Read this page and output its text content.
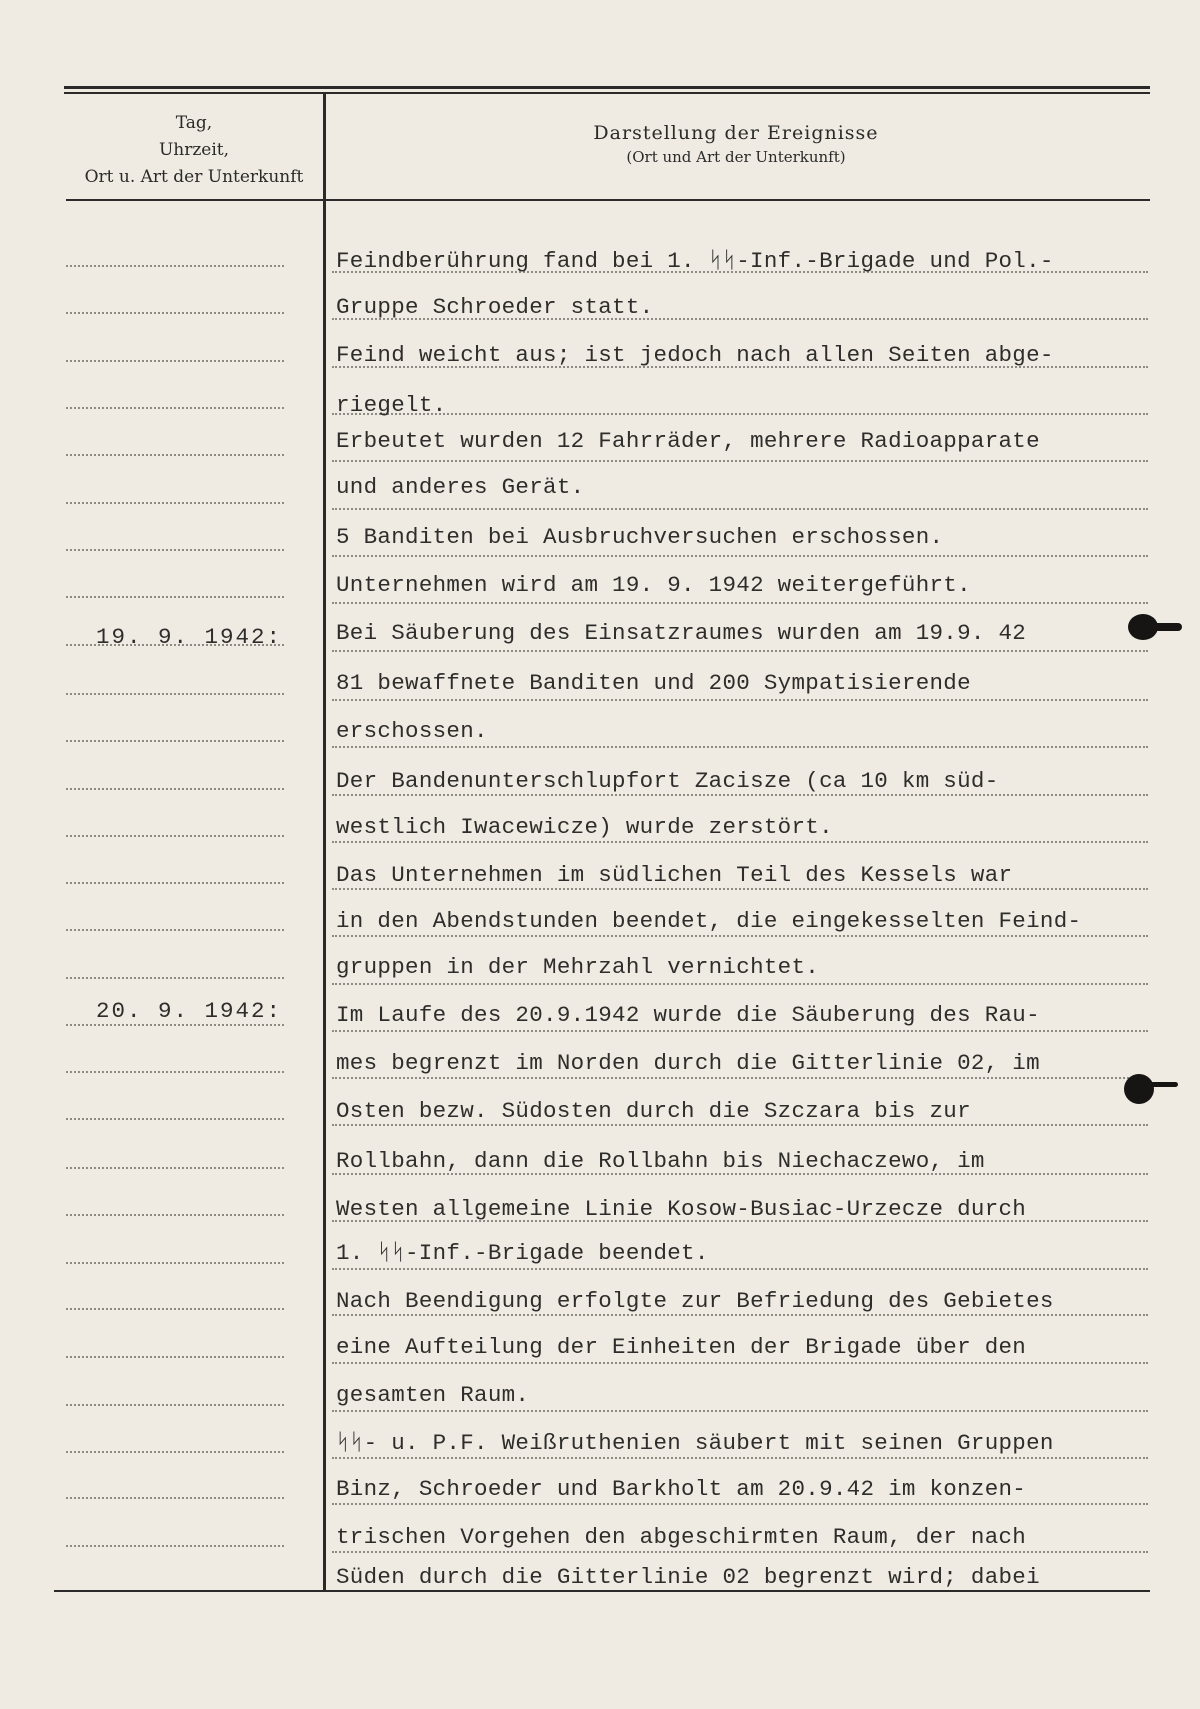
Tag,
Uhrzeit,
Ort u. Art der Unterkunft
Darstellung der Ereignisse
(Ort und Art der Unterkunft)
19. 9. 1942:
20. 9. 1942:
Feindberührung fand bei 1. ᛋᛋ-Inf.-Brigade und Pol.-
Gruppe Schroeder statt.
Feind weicht aus; ist jedoch nach allen Seiten abge-
riegelt.
Erbeutet wurden 12 Fahrräder, mehrere Radioapparate
und anderes Gerät.
5 Banditen bei Ausbruchversuchen erschossen.
Unternehmen wird am 19. 9. 1942 weitergeführt.
Bei Säuberung des Einsatzraumes wurden am 19.9. 42
81 bewaffnete Banditen und 200 Sympatisierende
erschossen.
Der Bandenunterschlupfort Zacisze (ca 10 km süd-
westlich Iwacewicze) wurde zerstört.
Das Unternehmen im südlichen Teil des Kessels war
in den Abendstunden beendet, die eingekesselten Feind-
gruppen in der Mehrzahl vernichtet.
Im Laufe des 20.9.1942 wurde die Säuberung des Rau-
mes begrenzt im Norden durch die Gitterlinie 02, im
Osten bezw. Südosten durch die Szczara bis zur
Rollbahn, dann die Rollbahn bis Niechaczewo, im
Westen allgemeine Linie Kosow-Busiac-Urzecze durch
1. ᛋᛋ-Inf.-Brigade beendet.
Nach Beendigung erfolgte zur Befriedung des Gebietes
eine Aufteilung der Einheiten der Brigade über den
gesamten Raum.
ᛋᛋ- u. P.F. Weißruthenien säubert mit seinen Gruppen
Binz, Schroeder und Barkholt am 20.9.42 im konzen-
trischen Vorgehen den abgeschirmten Raum, der nach
Süden durch die Gitterlinie 02 begrenzt wird; dabei
